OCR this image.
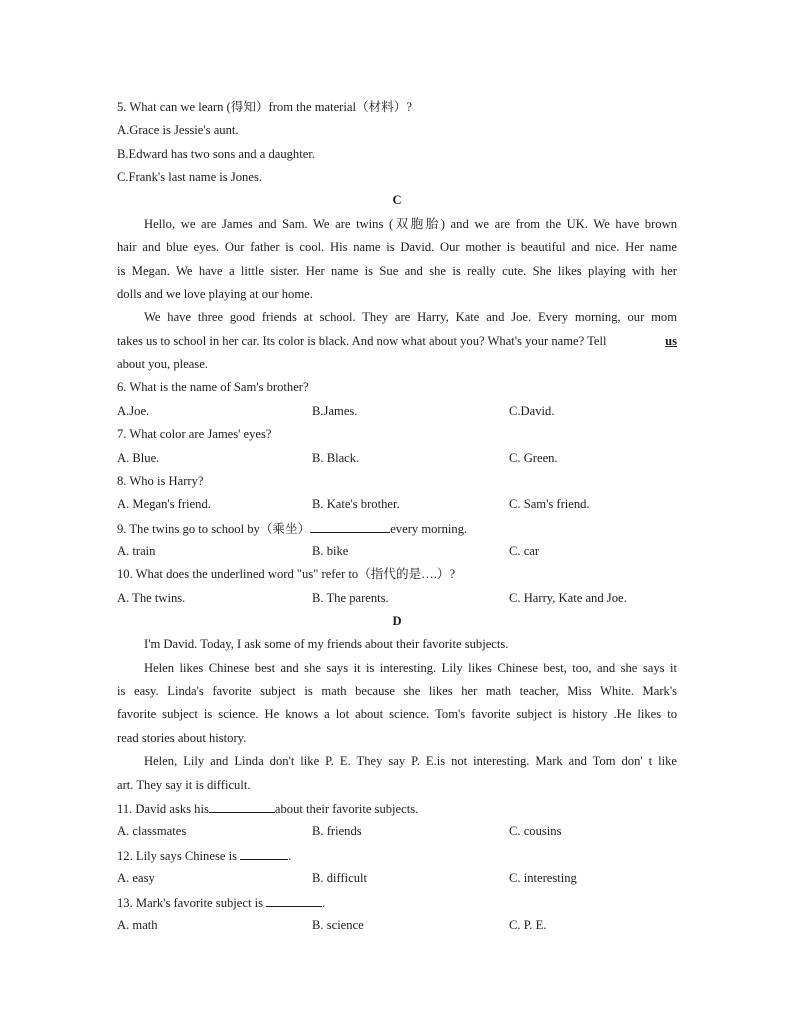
5. What can we learn (得知）from the material（材料）?
A.Grace is Jessie's aunt.
B.Edward has two sons and a daughter.
C.Frank's last name is Jones.
C
Hello, we are James and Sam. We are twins (双胞胎) and we are from the UK. We have brown
hair and blue eyes. Our father is cool. His name is David. Our mother is beautiful and nice. Her name
is Megan. We have a little sister. Her name is Sue and she is really cute. She likes playing with her
dolls and we love playing at our home.
We have three good friends at school. They are Harry, Kate and Joe. Every morning, our mom
takes us to school in her car. Its color is black. And now what about you? What's your name? Tell	us
about you, please.
6. What is the name of Sam's brother?
A.Joe.	B.James.	C.David.
7. What color are James' eyes?
A. Blue.	B. Black.	C. Green.
8. Who is Harry?
A. Megan's friend.	B. Kate's brother.	C. Sam's friend.
9. The twins go to school by（乘坐）	every morning.
A. train	B. bike	C. car
10. What does the underlined word "us" refer to（指代的是….）?
A. The twins.	B. The parents.	C. Harry, Kate and Joe.
D
I'm David. Today, I ask some of my friends about their favorite subjects.
Helen likes Chinese best and she says it is interesting. Lily likes Chinese best, too, and she says it
is easy. Linda's favorite subject is math because she likes her math teacher, Miss White. Mark's
favorite subject is science. He knows a lot about science. Tom's favorite subject is history .He likes to
read stories about history.
Helen, Lily and Linda don't like P. E. They say P. E.is not interesting. Mark and Tom don' t like
art. They say it is difficult.
11. David asks his	about their favorite subjects.
A. classmates	B. friends	C. cousins
12. Lily says Chinese is	.
A. easy	B. difficult	C. interesting
13. Mark's favorite subject is	.
A. math	B. science	C. P. E.
